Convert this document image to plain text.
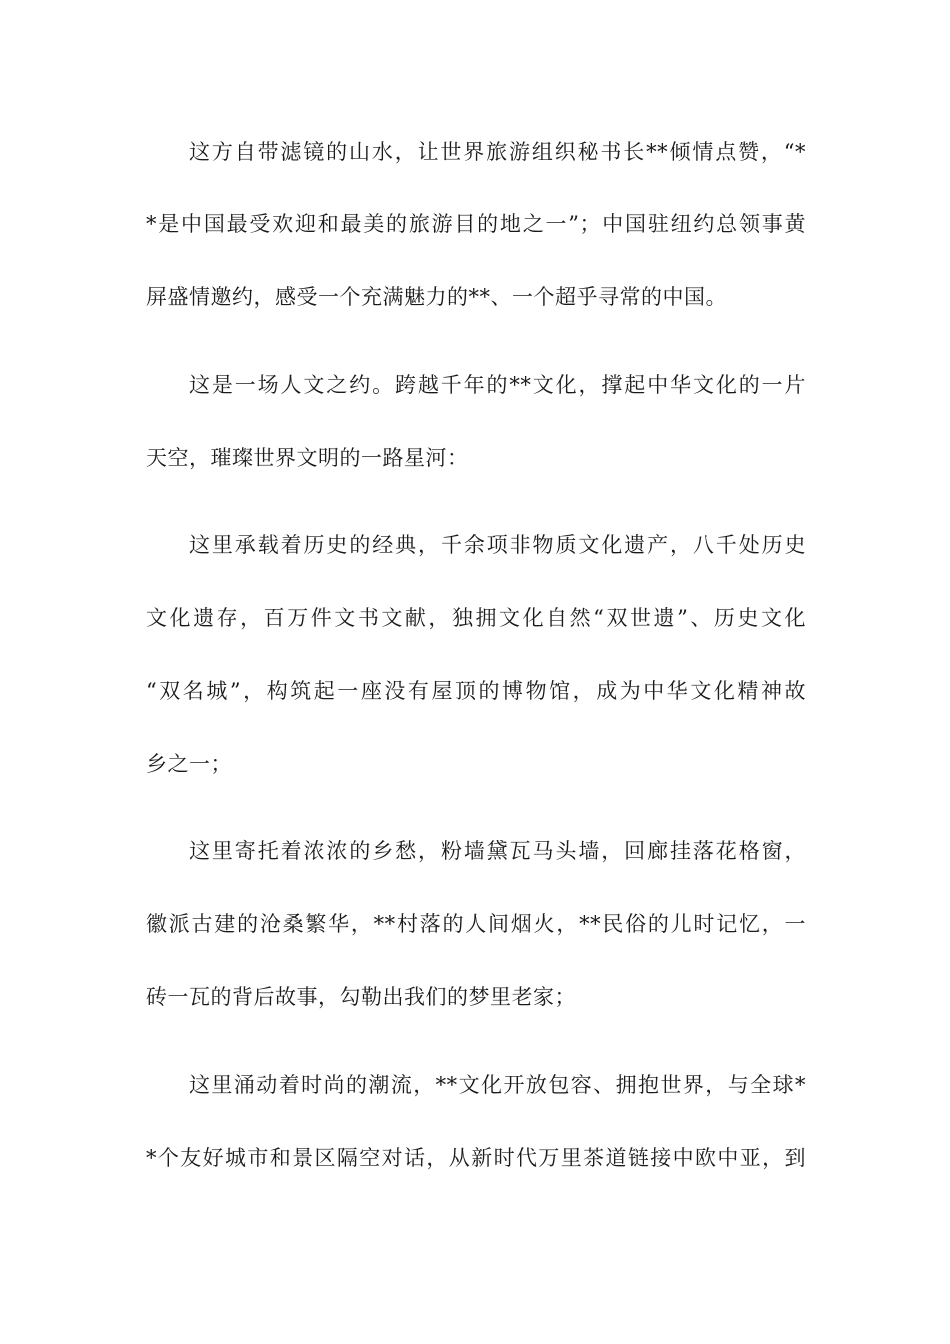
这方自带滤镜的山水，让世界旅游组织秘书长**倾情点赞，“*
*是中国最受欢迎和最美的旅游目的地之一”；中国驻纽约总领事黄
屏盛情邀约，感受一个充满魅力的**、一个超乎寻常的中国。
这是一场人文之约。跨越千年的**文化，撑起中华文化的一片
天空，璀璨世界文明的一路星河：
这里承载着历史的经典，千余项非物质文化遗产，八千处历史
文化遗存，百万件文书文献，独拥文化自然“双世遗”、历史文化
“双名城”，构筑起一座没有屋顶的博物馆，成为中华文化精神故
乡之一；
这里寄托着浓浓的乡愁，粉墙黛瓦马头墙，回廊挂落花格窗，
徽派古建的沧桑繁华，**村落的人间烟火，**民俗的儿时记忆，一
砖一瓦的背后故事，勾勒出我们的梦里老家；
这里涌动着时尚的潮流，**文化开放包容、拥抱世界，与全球*
*个友好城市和景区隔空对话，从新时代万里茶道链接中欧中亚，到
